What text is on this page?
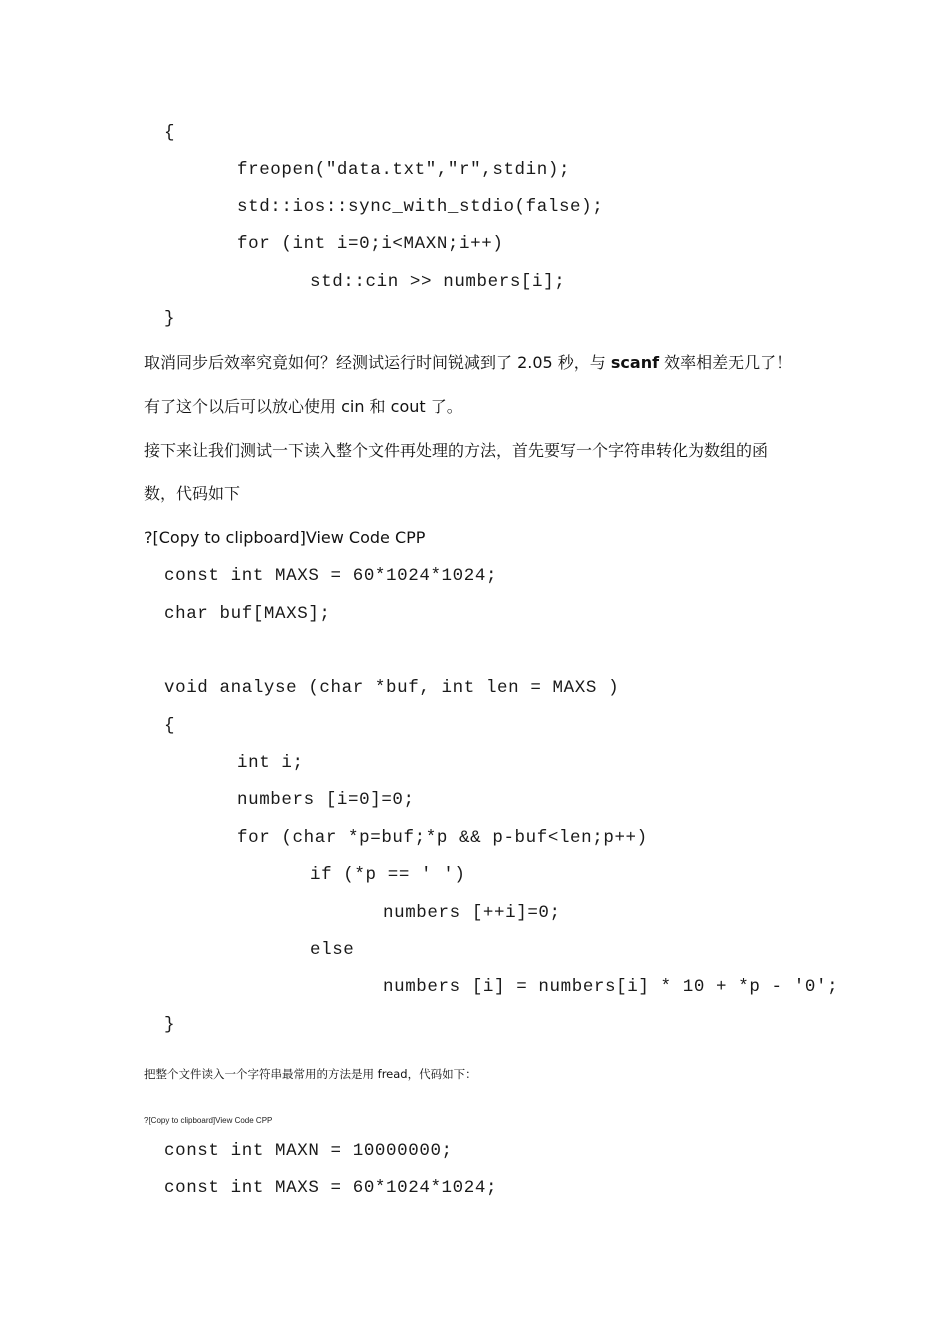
{
freopen("data.txt","r",stdin);
std::ios::sync_with_stdio(false);
for (int i=0;i<MAXN;i++)
std::cin >> numbers[i];
}
取消同步后效率究竟如何？经测试运行时间锐减到了 2.05 秒，与 scanf 效率相差无几了！
有了这个以后可以放心使用 cin 和 cout 了。
接下来让我们测试一下读入整个文件再处理的方法，首先要写一个字符串转化为数组的函
数，代码如下
?[Copy to clipboard]View Code CPP
const int MAXS = 60*1024*1024;
char buf[MAXS];
void analyse (char *buf, int len = MAXS )
{
int i;
numbers [i=0]=0;
for (char *p=buf;*p && p-buf<len;p++)
if (*p == ' ')
numbers [++i]=0;
else
numbers [i] = numbers[i] * 10 + *p - '0';
}
把整个文件读入一个字符串最常用的方法是用 fread，代码如下：
?[Copy to clipboard]View Code CPP
const int MAXN = 10000000;
const int MAXS = 60*1024*1024;
